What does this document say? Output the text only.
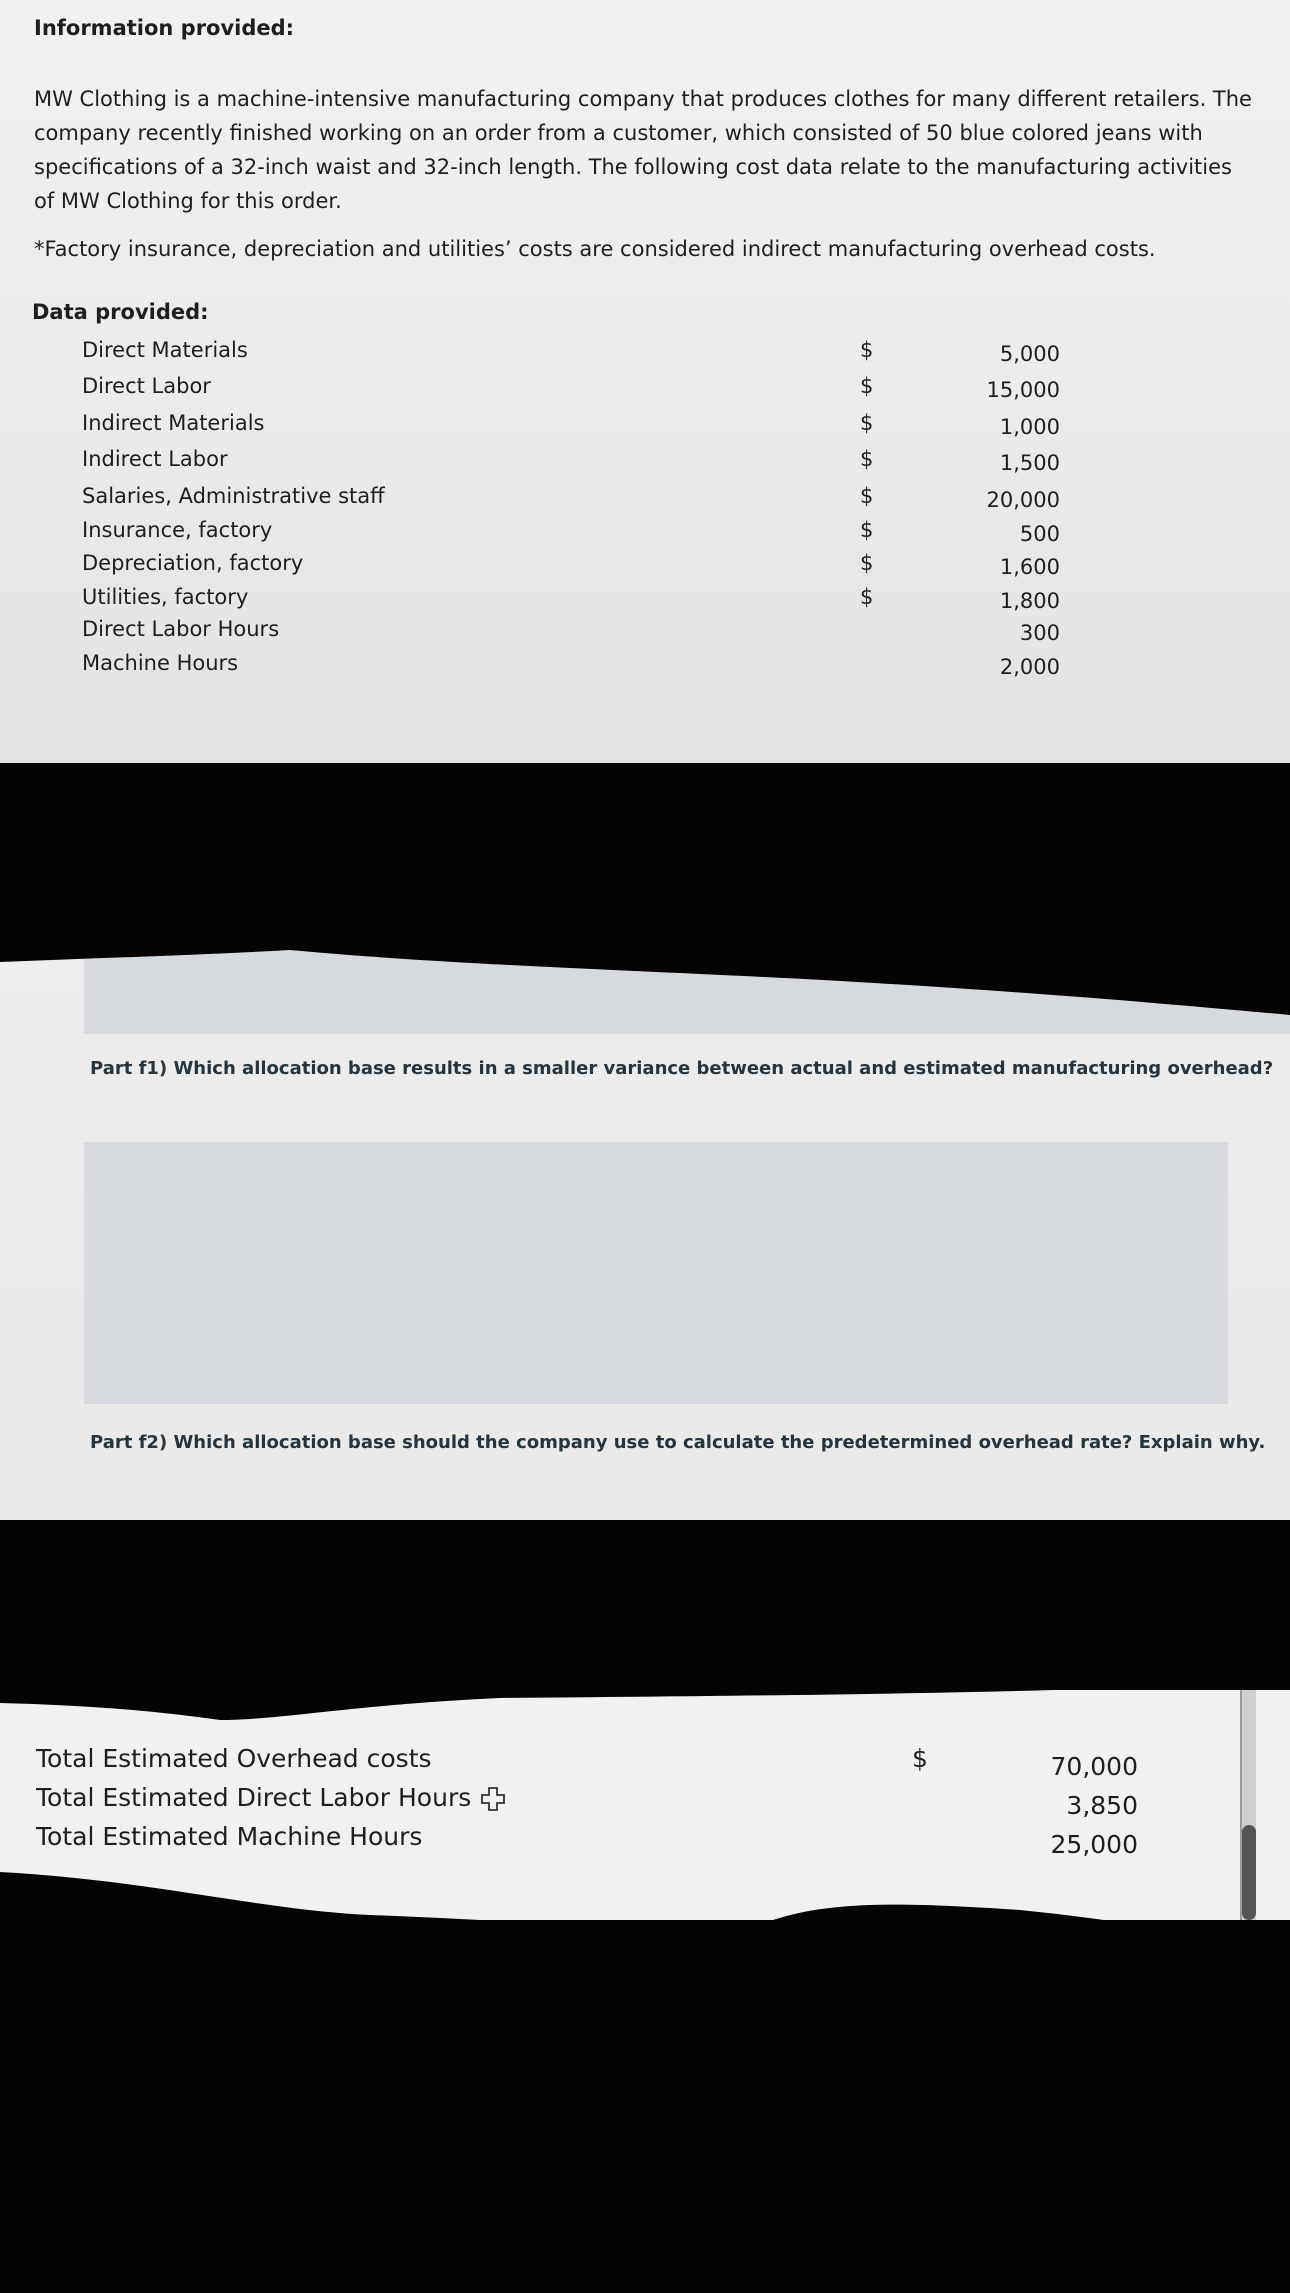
Information provided:

MW Clothing is a machine-intensive manufacturing company that produces clothes for many different retailers. The company recently finished working on an order from a customer, which consisted of 50 blue colored jeans with specifications of a 32-inch waist and 32-inch length. The following cost data relate to the manufacturing activities of MW Clothing for this order.

*Factory insurance, depreciation and utilities’ costs are considered indirect manufacturing overhead costs.

Data provided:
Direct Materials	$	5,000
Direct Labor	$	15,000
Indirect Materials	$	1,000
Indirect Labor	$	1,500
Salaries, Administrative staff	$	20,000
Insurance, factory	$	500
Depreciation, factory	$	1,600
Utilities, factory	$	1,800
Direct Labor Hours	300
Machine Hours	2,000
Part f1) Which allocation base results in a smaller variance between actual and estimated manufacturing overhead?
Part f2) Which allocation base should the company use to calculate the predetermined overhead rate? Explain why.
Total Estimated Overhead costs	$	70,000
Total Estimated Direct Labor Hours	3,850
Total Estimated Machine Hours	25,000
